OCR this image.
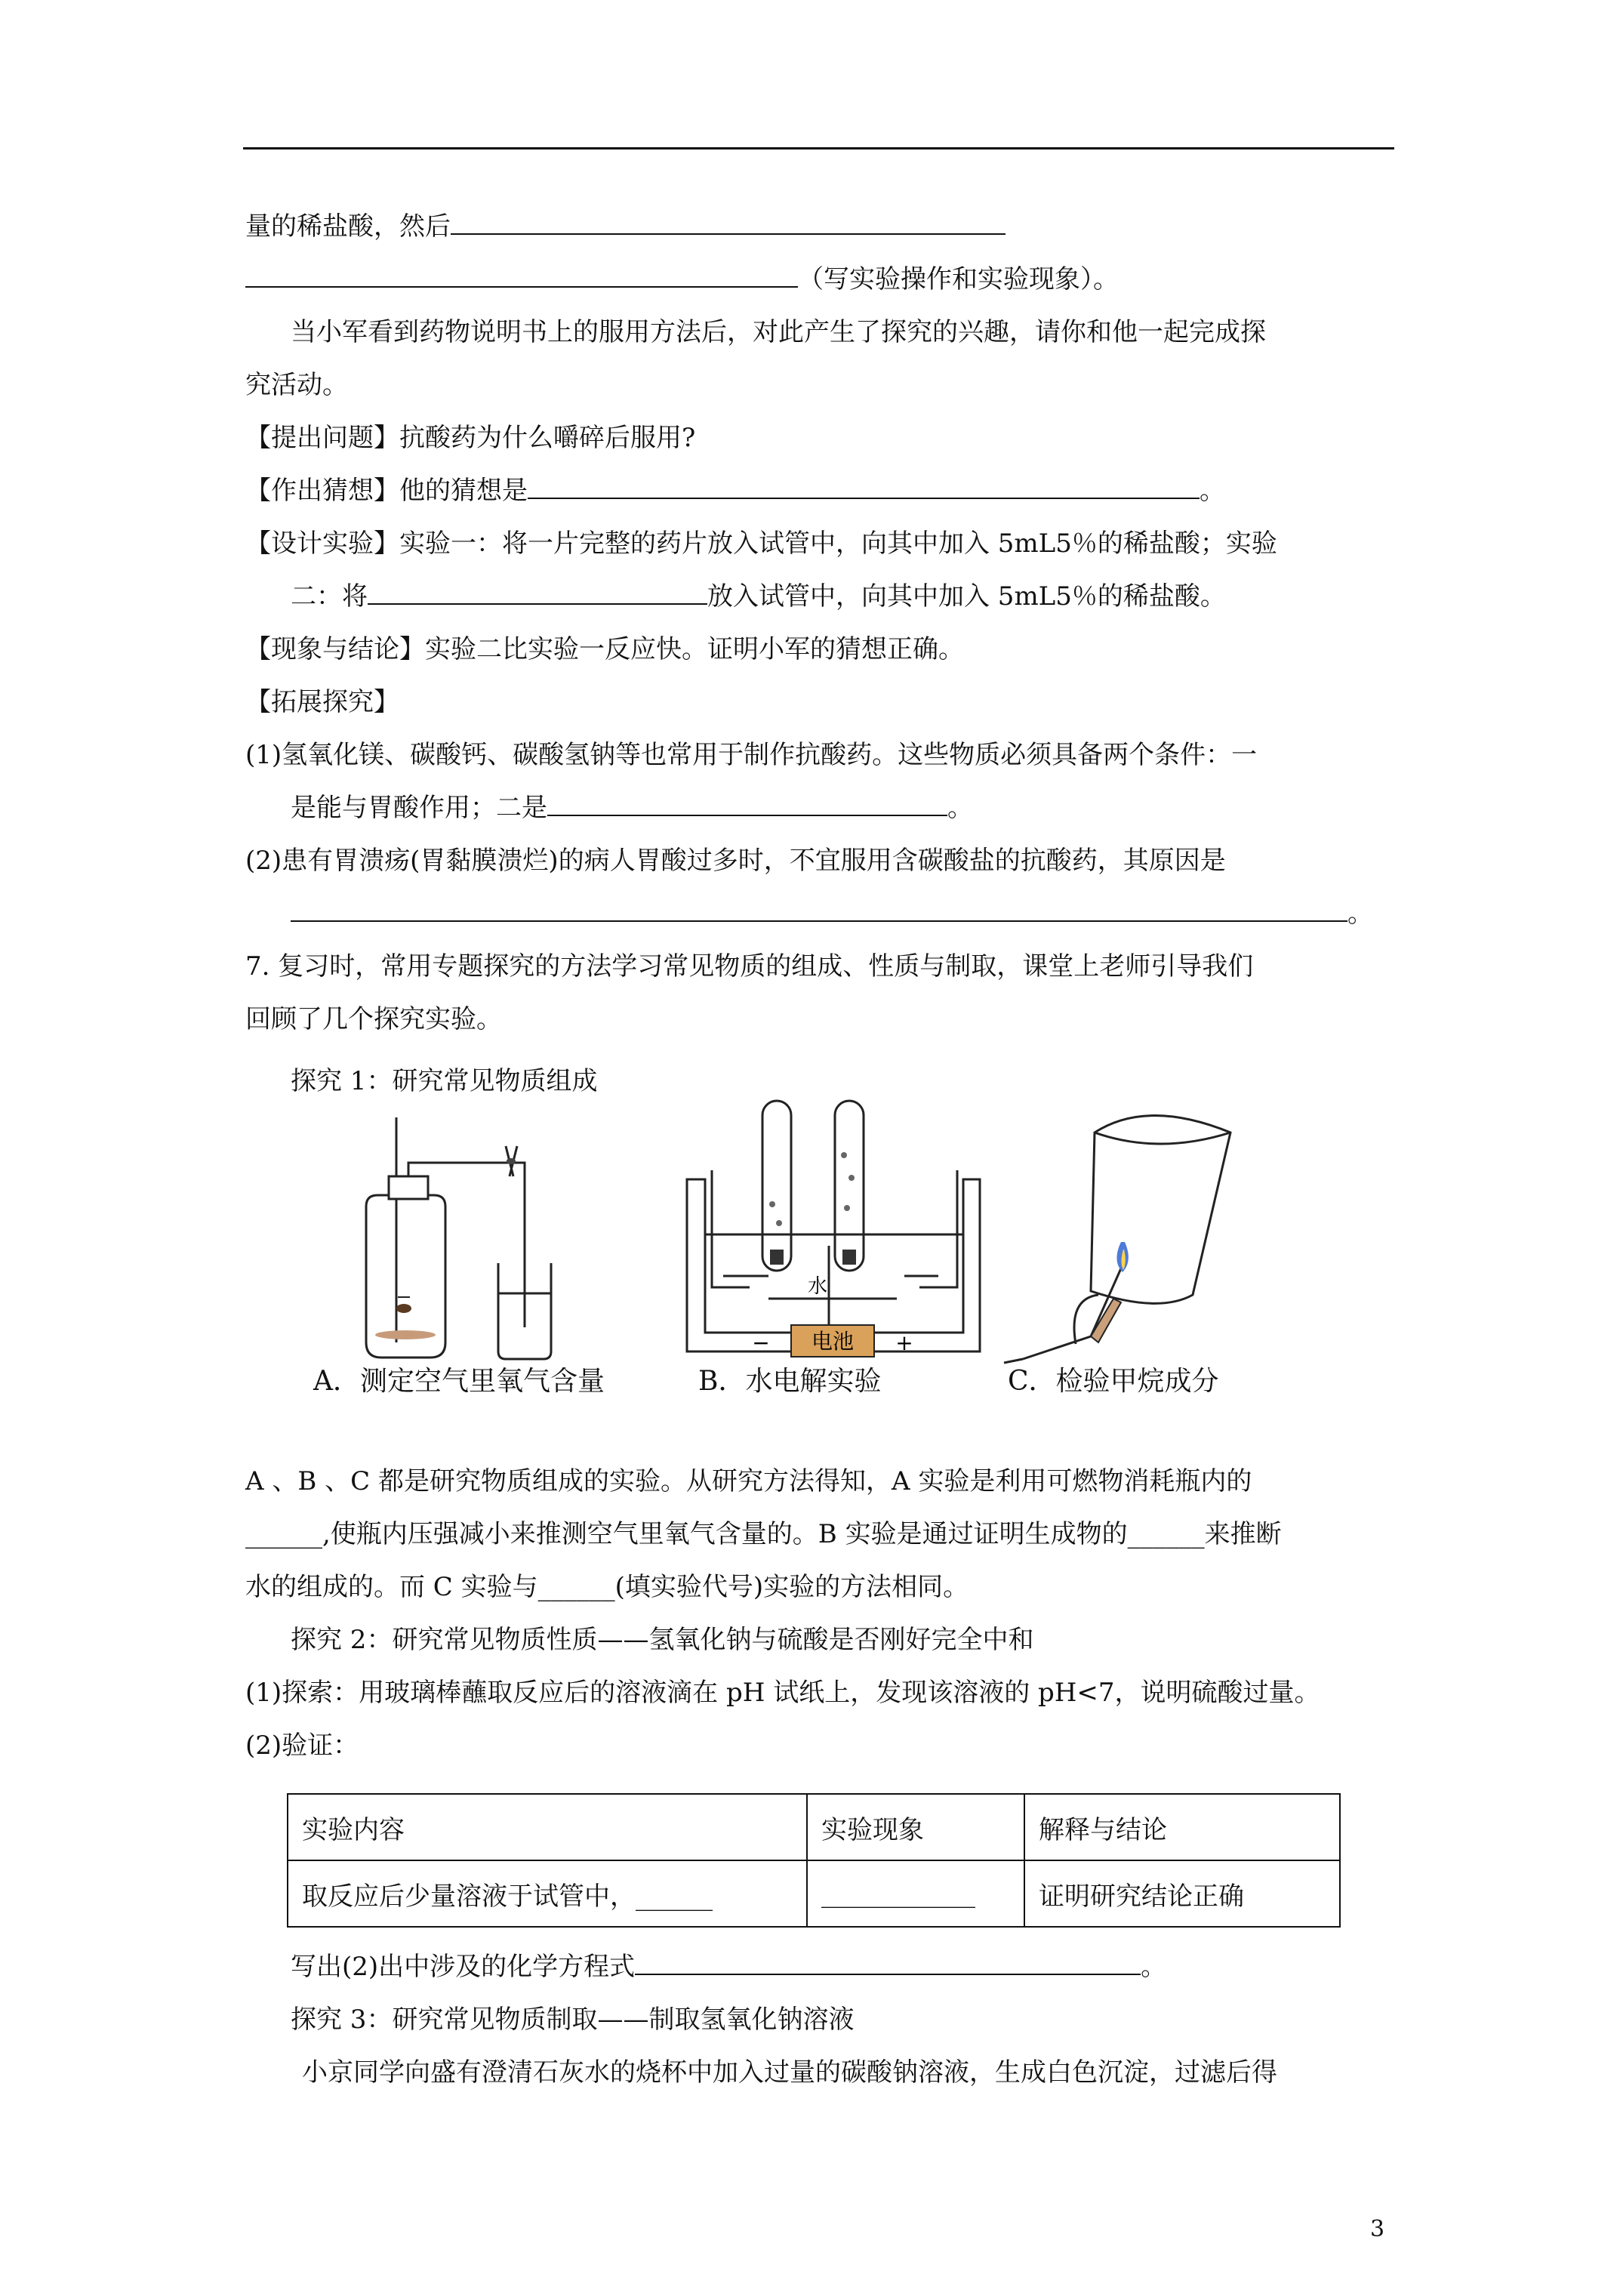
量的稀盐酸，然后
（写实验操作和实验现象）。
当小军看到药物说明书上的服用方法后，对此产生了探究的兴趣，请你和他一起完成探
究活动。
【提出问题】抗酸药为什么嚼碎后服用?
【作出猜想】他的猜想是	。
【设计实验】实验一：将一片完整的药片放入试管中，向其中加入 5mL5％的稀盐酸；实验
二：将	放入试管中，向其中加入 5mL5％的稀盐酸。
【现象与结论】实验二比实验一反应快。证明小军的猜想正确。
【拓展探究】
(1)氢氧化镁、碳酸钙、碳酸氢钠等也常用于制作抗酸药。这些物质必须具备两个条件：一
是能与胃酸作用；二是	。
(2)患有胃溃疡(胃黏膜溃烂)的病人胃酸过多时，不宜服用含碳酸盐的抗酸药，其原因是
。
7. 复习时，常用专题探究的方法学习常见物质的组成、性质与制取，课堂上老师引导我们
回顾了几个探究实验。
探究 1：研究常见物质组成
电池
水
−	+
A．测定空气里氧气含量	B．水电解实验	C．检验甲烷成分
A 、B 、C 都是研究物质组成的实验。从研究方法得知，A 实验是利用可燃物消耗瓶内的
______,使瓶内压强减小来推测空气里氧气含量的。B 实验是通过证明生成物的______来推断
水的组成的。而 C 实验与______(填实验代号)实验的方法相同。
探究 2：研究常见物质性质——氢氧化钠与硫酸是否刚好完全中和
(1)探索：用玻璃棒蘸取反应后的溶液滴在 pH 试纸上，发现该溶液的 pH<7，说明硫酸过量。
(2)验证：
实验内容	实验现象	解释与结论
取反应后少量溶液于试管中，______	____________	证明研究结论正确
写出(2)出中涉及的化学方程式	。
探究 3：研究常见物质制取——制取氢氧化钠溶液
小京同学向盛有澄清石灰水的烧杯中加入过量的碳酸钠溶液，生成白色沉淀，过滤后得
3
